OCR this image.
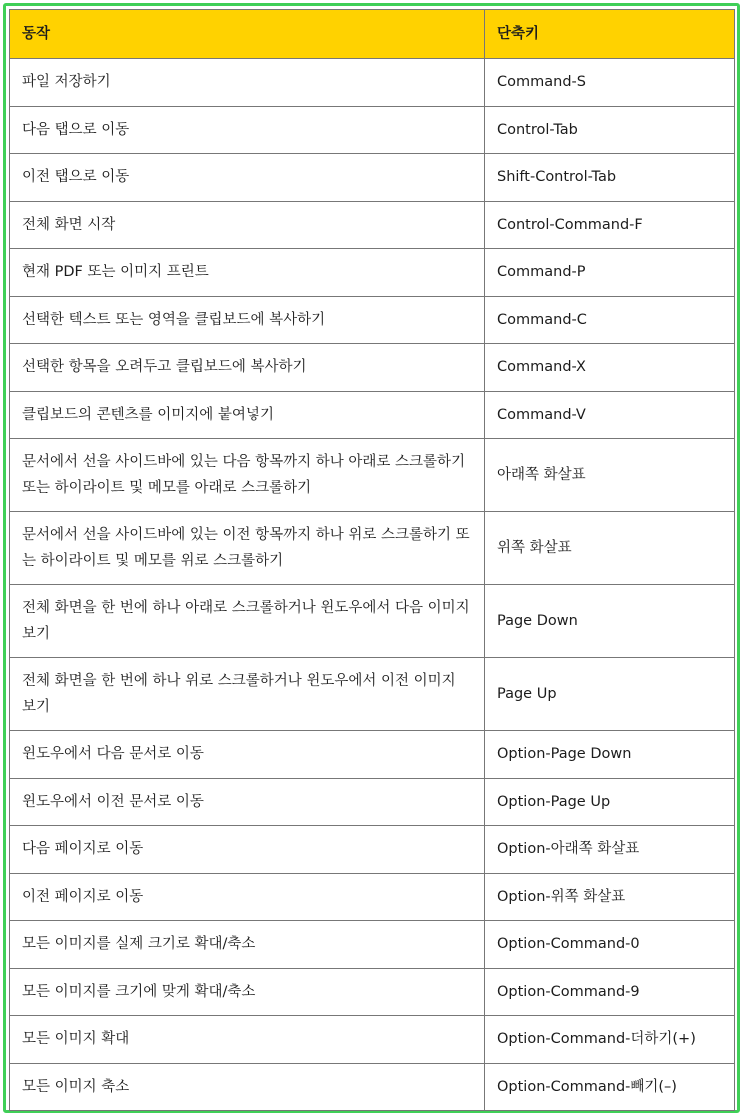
동작	단축키
파일 저장하기	Command-S
다음 탭으로 이동	Control-Tab
이전 탭으로 이동	Shift-Control-Tab
전체 화면 시작	Control-Command-F
현재 PDF 또는 이미지 프린트	Command-P
선택한 텍스트 또는 영역을 클립보드에 복사하기	Command-C
선택한 항목을 오려두고 클립보드에 복사하기	Command-X
클립보드의 콘텐츠를 이미지에 붙여넣기	Command-V
문서에서 선을 사이드바에 있는 다음 항목까지 하나 아래로 스크롤하기 또는 하이라이트 및 메모를 아래로 스크롤하기	아래쪽 화살표
문서에서 선을 사이드바에 있는 이전 항목까지 하나 위로 스크롤하기 또는 하이라이트 및 메모를 위로 스크롤하기	위쪽 화살표
전체 화면을 한 번에 하나 아래로 스크롤하거나 윈도우에서 다음 이미지 보기	Page Down
전체 화면을 한 번에 하나 위로 스크롤하거나 윈도우에서 이전 이미지 보기	Page Up
윈도우에서 다음 문서로 이동	Option-Page Down
윈도우에서 이전 문서로 이동	Option-Page Up
다음 페이지로 이동	Option-아래쪽 화살표
이전 페이지로 이동	Option-위쪽 화살표
모든 이미지를 실제 크기로 확대/축소	Option-Command-0
모든 이미지를 크기에 맞게 확대/축소	Option-Command-9
모든 이미지 확대	Option-Command-더하기(+)
모든 이미지 축소	Option-Command-빼기(–)
